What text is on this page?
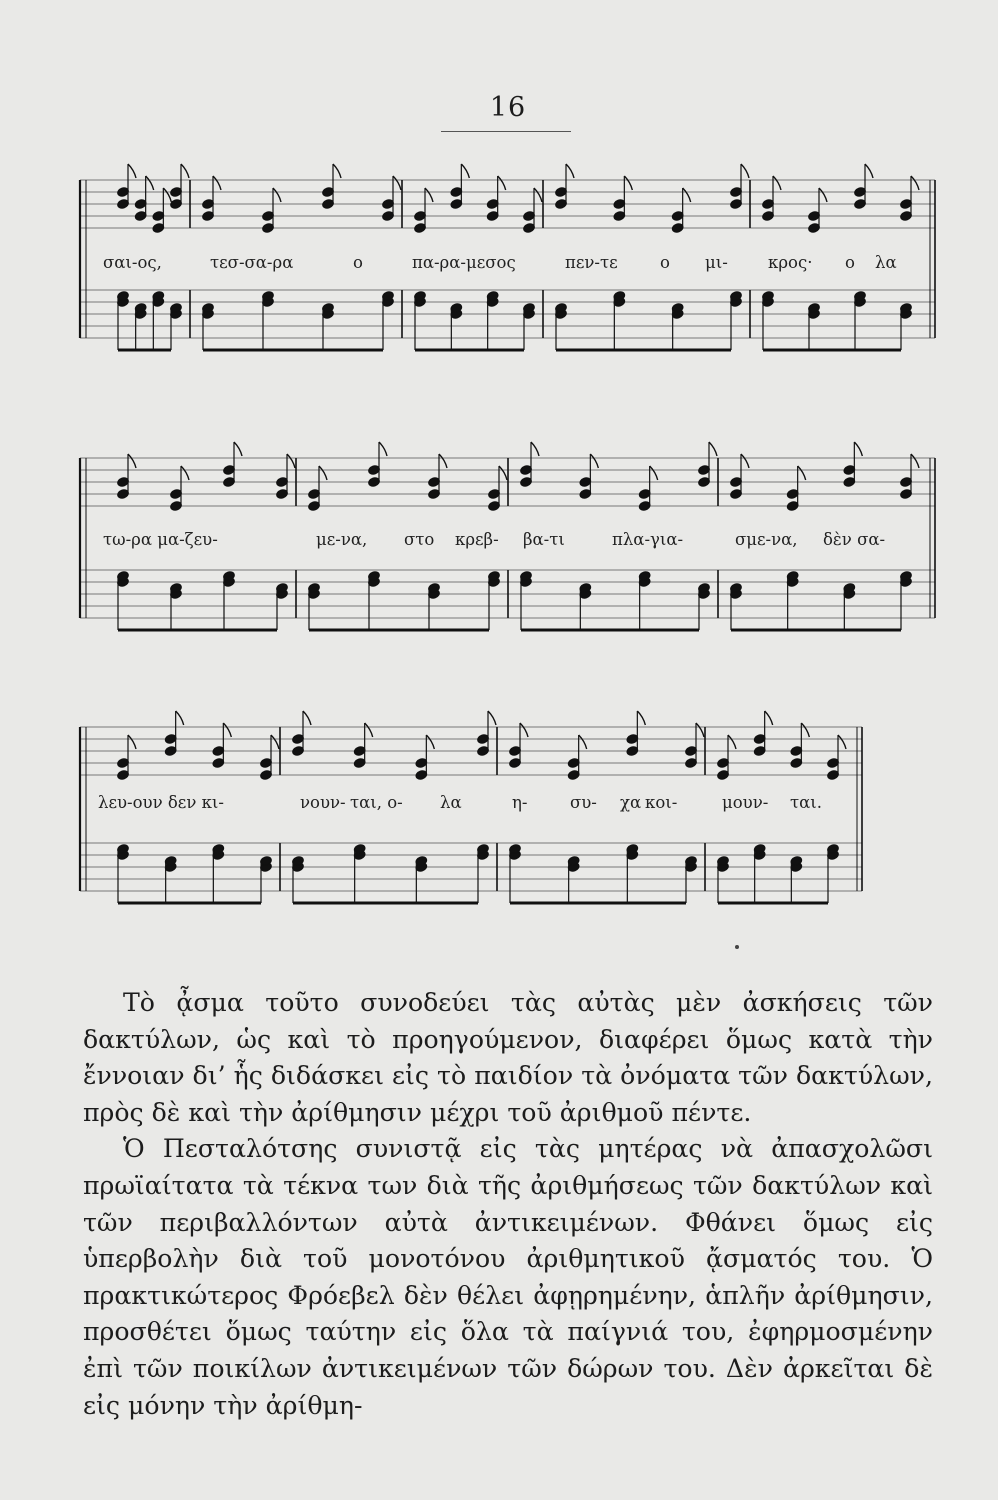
16
σαι-ος,	τεσ-σα-ρα	ο	πα-ρα-μεσος	πεν-τε	ο μι- κρος· ο λα
τω-ρα μα-ζευ-	με-να, στο κρεβ- βα-τι	πλα-για-	σμε-να, δὲν σα-
λευ-ουν δεν κι-	νουν- ται, ο- λα	η-	συ- χα κοι-	μουν- ται.

Τὸ ᾆσμα τοῦτο συνοδεύει τὰς αὐτὰς μὲν ἀσκήσεις τῶν δακτύλων, ὡς καὶ τὸ προηγούμενον, διαφέρει ὅμως κατὰ τὴν ἔννοιαν δι’ ἧς διδάσκει εἰς τὸ παιδίον τὰ ὀνόματα τῶν δακτύλων, πρὸς δὲ καὶ τὴν ἀρίθμησιν μέχρι τοῦ ἀριθμοῦ πέντε.

Ὁ Πεσταλότσης συνιστᾷ εἰς τὰς μητέρας νὰ ἀπασχολῶσι πρωϊαίτατα τὰ τέκνα των διὰ τῆς ἀριθμήσεως τῶν δακτύλων καὶ τῶν περιβαλλόντων αὐτὰ ἀντικειμένων. Φθάνει ὅμως εἰς ὑπερβολὴν διὰ τοῦ μονοτόνου ἀριθμητικοῦ ᾄσματός του. Ὁ πρακτικώτερος Φρόεβελ δὲν θέλει ἀφῃρημένην, ἁπλῆν ἀρίθμησιν, προσθέτει ὅμως ταύτην εἰς ὅλα τὰ παίγνιά του, ἐφηρμοσμένην ἐπὶ τῶν ποικίλων ἀντικειμένων τῶν δώρων του. Δὲν ἀρκεῖται δὲ εἰς μόνην τὴν ἀρίθμη-
